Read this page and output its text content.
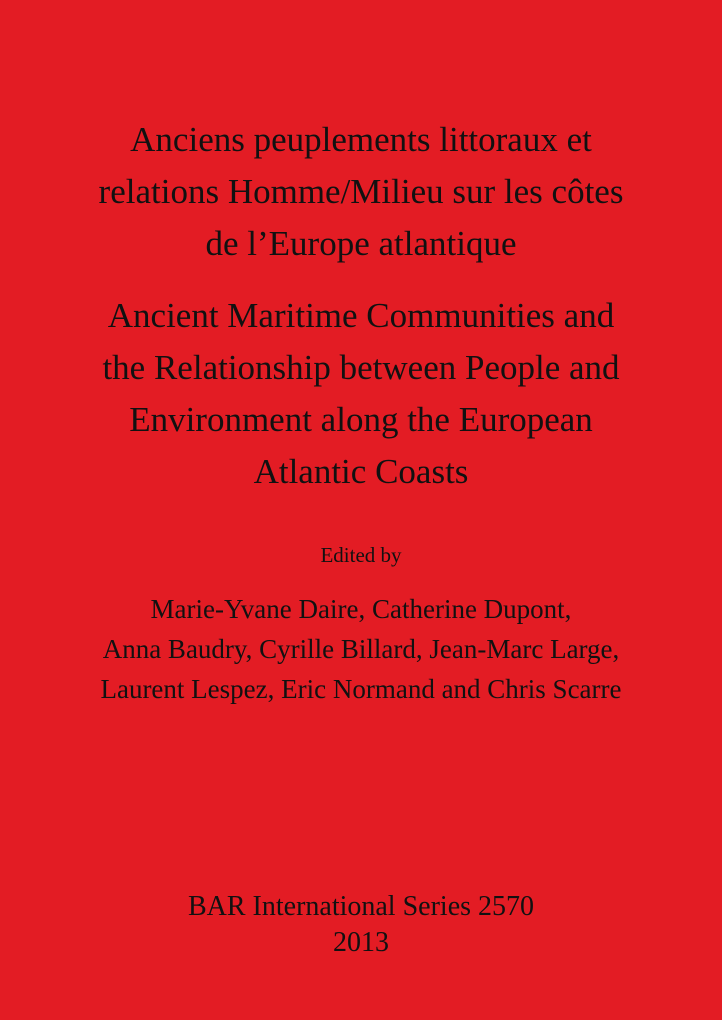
Anciens peuplements littoraux et
relations Homme/Milieu sur les côtes
de l’Europe atlantique
Ancient Maritime Communities and
the Relationship between People and
Environment along the European
Atlantic Coasts
Edited by
Marie-Yvane Daire, Catherine Dupont,
Anna Baudry, Cyrille Billard, Jean-Marc Large,
Laurent Lespez, Eric Normand and Chris Scarre
BAR International Series 2570
2013
